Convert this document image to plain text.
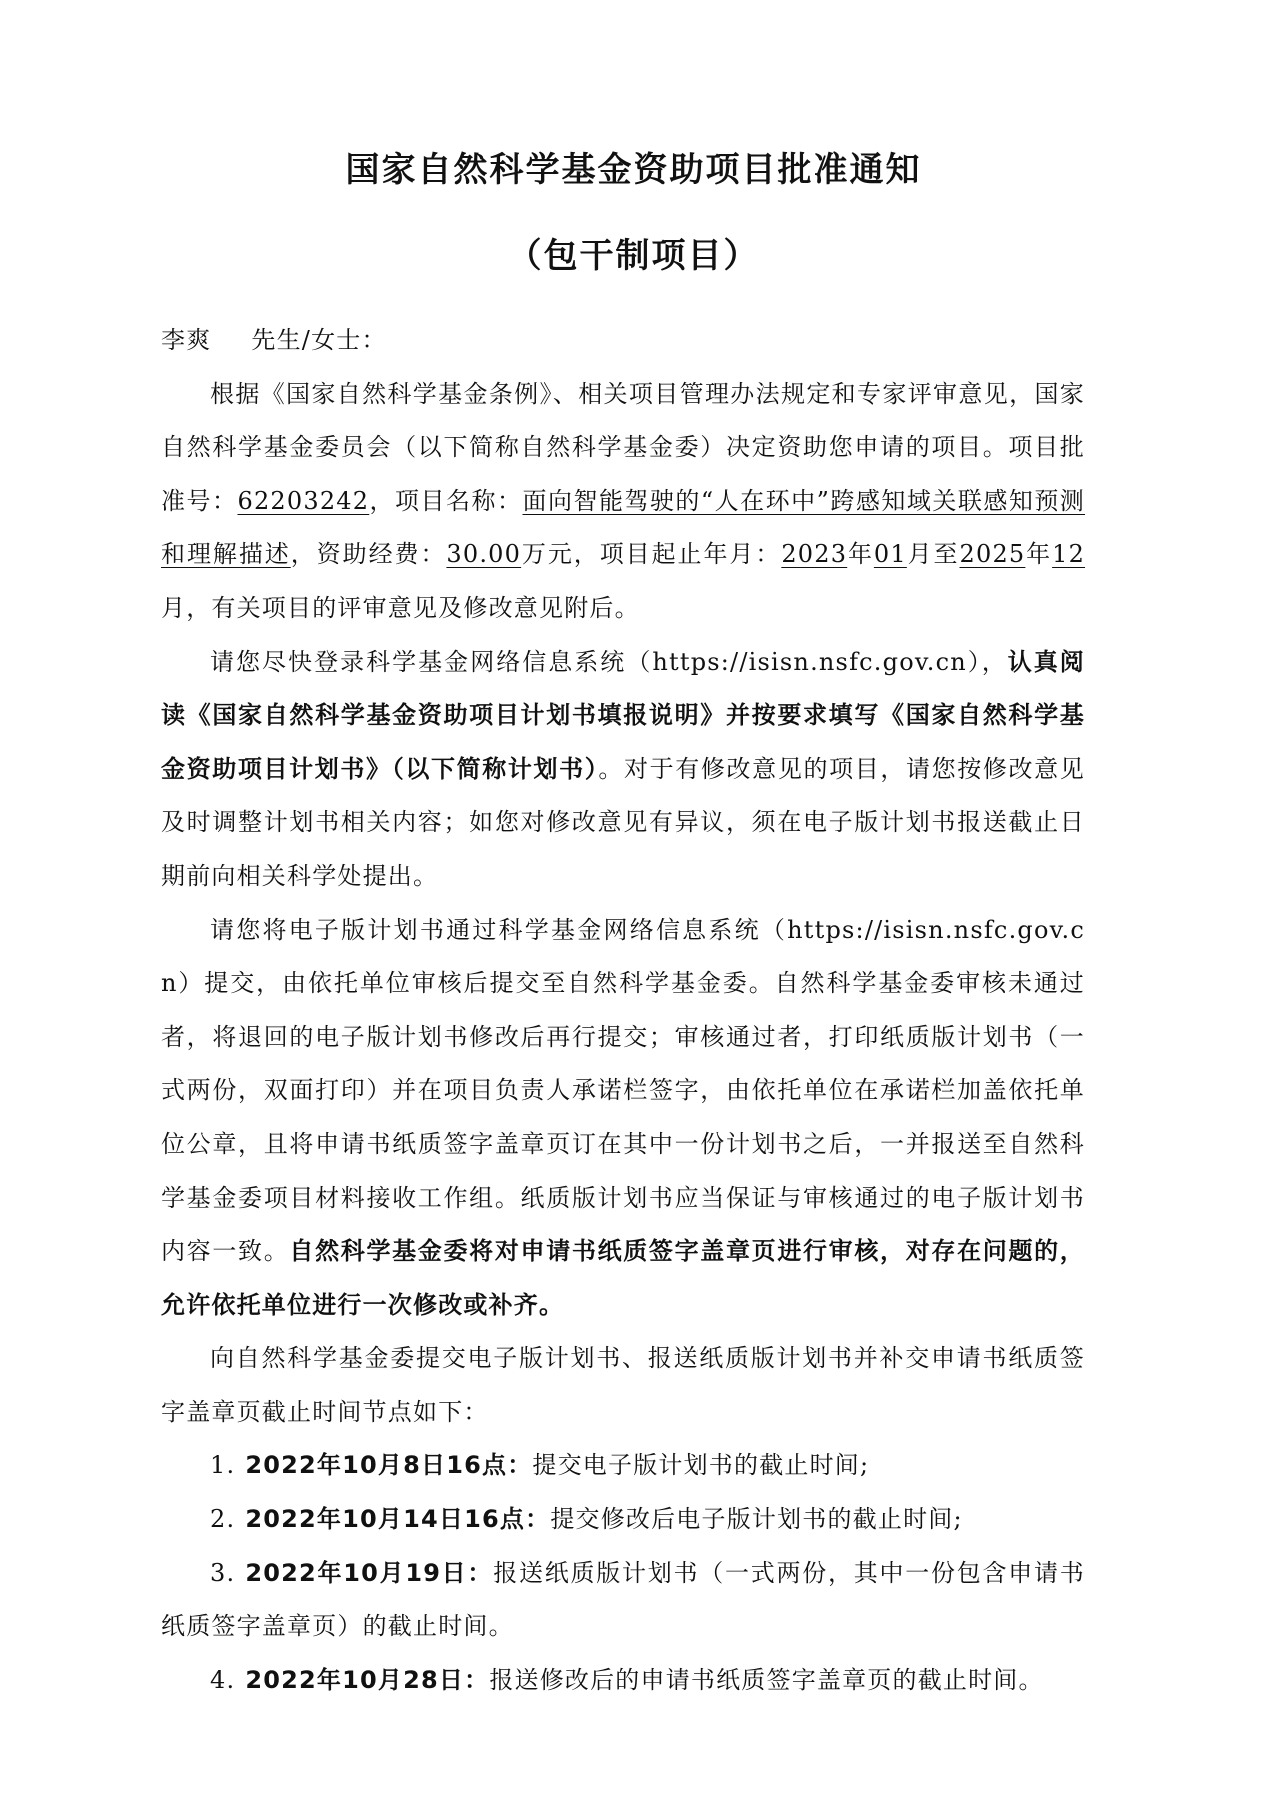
国家自然科学基金资助项目批准通知
（包干制项目）

李爽 先生/女士：

根据《国家自然科学基金条例》、相关项目管理办法规定和专家评审意见，国家自然科学基金委员会（以下简称自然科学基金委）决定资助您申请的项目。项目批准号：62203242，项目名称：面向智能驾驶的“人在环中”跨感知域关联感知预测和理解描述，资助经费：30.00万元，项目起止年月：2023年01月至2025年12月，有关项目的评审意见及修改意见附后。

请您尽快登录科学基金网络信息系统（https://isisn.nsfc.gov.cn），认真阅读《国家自然科学基金资助项目计划书填报说明》并按要求填写《国家自然科学基金资助项目计划书》（以下简称计划书）。对于有修改意见的项目，请您按修改意见及时调整计划书相关内容；如您对修改意见有异议，须在电子版计划书报送截止日期前向相关科学处提出。

请您将电子版计划书通过科学基金网络信息系统（https://isisn.nsfc.gov.cn）提交，由依托单位审核后提交至自然科学基金委。自然科学基金委审核未通过者，将退回的电子版计划书修改后再行提交；审核通过者，打印纸质版计划书（一式两份，双面打印）并在项目负责人承诺栏签字，由依托单位在承诺栏加盖依托单位公章，且将申请书纸质签字盖章页订在其中一份计划书之后，一并报送至自然科学基金委项目材料接收工作组。纸质版计划书应当保证与审核通过的电子版计划书内容一致。自然科学基金委将对申请书纸质签字盖章页进行审核，对存在问题的，允许依托单位进行一次修改或补齐。

向自然科学基金委提交电子版计划书、报送纸质版计划书并补交申请书纸质签字盖章页截止时间节点如下：

1. 2022年10月8日16点：提交电子版计划书的截止时间;

2. 2022年10月14日16点：提交修改后电子版计划书的截止时间;

3. 2022年10月19日：报送纸质版计划书（一式两份，其中一份包含申请书纸质签字盖章页）的截止时间。

4. 2022年10月28日：报送修改后的申请书纸质签字盖章页的截止时间。
